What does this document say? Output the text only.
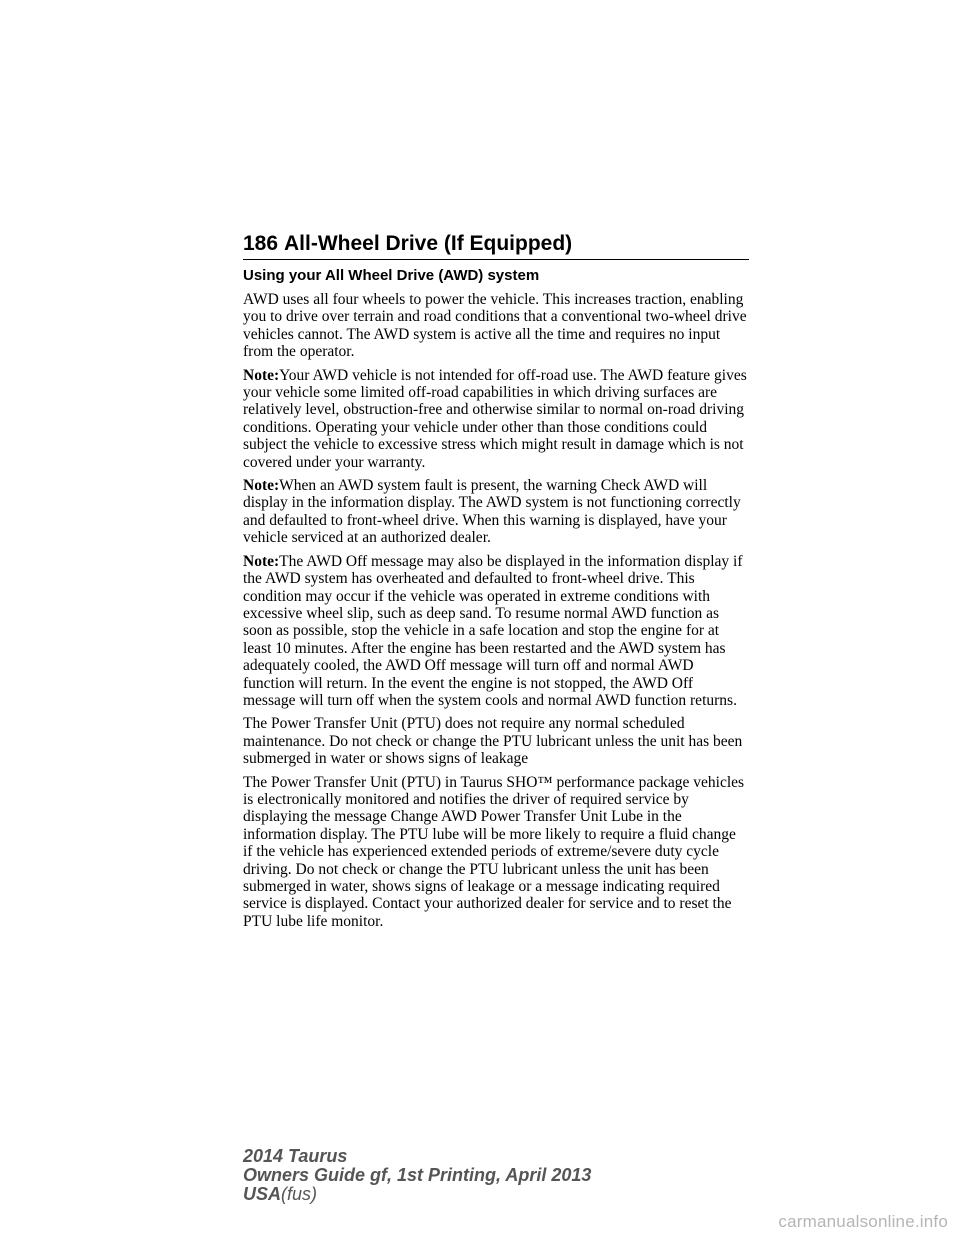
186 All-Wheel Drive (If Equipped)
Using your All Wheel Drive (AWD) system

AWD uses all four wheels to power the vehicle. This increases traction, enabling you to drive over terrain and road conditions that a conventional two-wheel drive vehicles cannot. The AWD system is active all the time and requires no input from the operator.

Note:Your AWD vehicle is not intended for off-road use. The AWD feature gives your vehicle some limited off-road capabilities in which driving surfaces are relatively level, obstruction-free and otherwise similar to normal on-road driving conditions. Operating your vehicle under other than those conditions could subject the vehicle to excessive stress which might result in damage which is not covered under your warranty.

Note:When an AWD system fault is present, the warning Check AWD will display in the information display. The AWD system is not functioning correctly and defaulted to front-wheel drive. When this warning is displayed, have your vehicle serviced at an authorized dealer.

Note:The AWD Off message may also be displayed in the information display if the AWD system has overheated and defaulted to front-wheel drive. This condition may occur if the vehicle was operated in extreme conditions with excessive wheel slip, such as deep sand. To resume normal AWD function as soon as possible, stop the vehicle in a safe location and stop the engine for at least 10 minutes. After the engine has been restarted and the AWD system has adequately cooled, the AWD Off message will turn off and normal AWD function will return. In the event the engine is not stopped, the AWD Off message will turn off when the system cools and normal AWD function returns.

The Power Transfer Unit (PTU) does not require any normal scheduled maintenance. Do not check or change the PTU lubricant unless the unit has been submerged in water or shows signs of leakage

The Power Transfer Unit (PTU) in Taurus SHO™ performance package vehicles is electronically monitored and notifies the driver of required service by displaying the message Change AWD Power Transfer Unit Lube in the information display. The PTU lube will be more likely to require a fluid change if the vehicle has experienced extended periods of extreme/severe duty cycle driving. Do not check or change the PTU lubricant unless the unit has been submerged in water, shows signs of leakage or a message indicating required service is displayed. Contact your authorized dealer for service and to reset the PTU lube life monitor.

2014 Taurus
Owners Guide gf, 1st Printing, April 2013
USA(fus)
carmanualsonline.info
